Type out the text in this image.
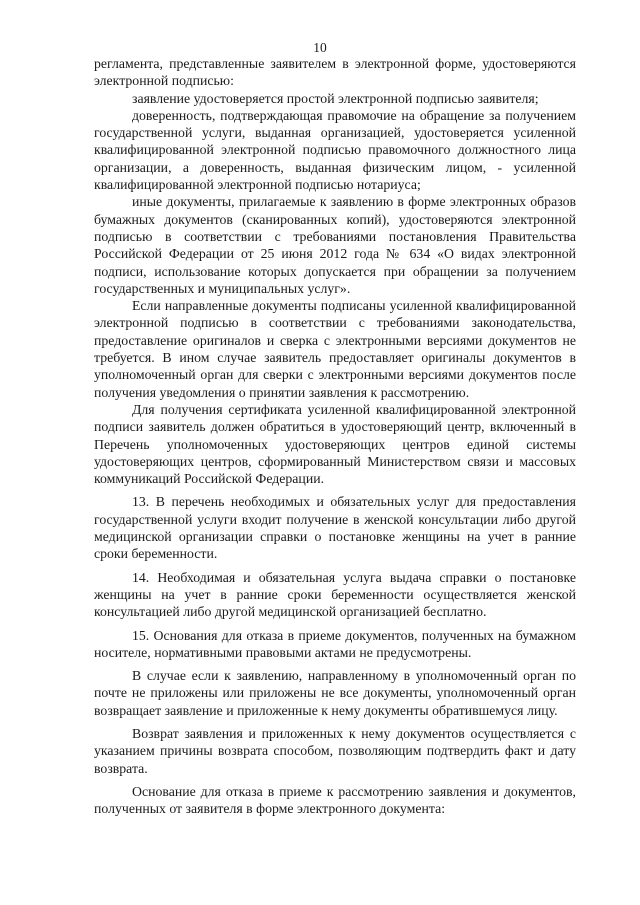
10

регламента, представленные заявителем в электронной форме, удостоверяются электронной подписью:

заявление удостоверяется простой электронной подписью заявителя;

доверенность, подтверждающая правомочие на обращение за получением государственной услуги, выданная организацией, удостоверяется усиленной квалифицированной электронной подписью правомочного должностного лица организации, а доверенность, выданная физическим лицом, - усиленной квалифицированной электронной подписью нотариуса;

иные документы, прилагаемые к заявлению в форме электронных образов бумажных документов (сканированных копий), удостоверяются электронной подписью в соответствии с требованиями постановления Правительства Российской Федерации от 25 июня 2012 года № 634 «О видах электронной подписи, использование которых допускается при обращении за получением государственных и муниципальных услуг».

Если направленные документы подписаны усиленной квалифицированной электронной подписью в соответствии с требованиями законодательства, предоставление оригиналов и сверка с электронными версиями документов не требуется. В ином случае заявитель предоставляет оригиналы документов в уполномоченный орган для сверки с электронными версиями документов после получения уведомления о принятии заявления к рассмотрению.

Для получения сертификата усиленной квалифицированной электронной подписи заявитель должен обратиться в удостоверяющий центр, включенный в Перечень уполномоченных удостоверяющих центров единой системы удостоверяющих центров, сформированный Министерством связи и массовых коммуникаций Российской Федерации.

13. В перечень необходимых и обязательных услуг для предоставления государственной услуги входит получение в женской консультации либо другой медицинской организации справки о постановке женщины на учет в ранние сроки беременности.

14. Необходимая и обязательная услуга выдача справки о постановке женщины на учет в ранние сроки беременности осуществляется женской консультацией либо другой медицинской организацией бесплатно.

15. Основания для отказа в приеме документов, полученных на бумажном носителе, нормативными правовыми актами не предусмотрены.

В случае если к заявлению, направленному в уполномоченный орган по почте не приложены или приложены не все документы, уполномоченный орган возвращает заявление и приложенные к нему документы обратившемуся лицу.

Возврат заявления и приложенных к нему документов осуществляется с указанием причины возврата способом, позволяющим подтвердить факт и дату возврата.

Основание для отказа в приеме к рассмотрению заявления и документов, полученных от заявителя в форме электронного документа:
